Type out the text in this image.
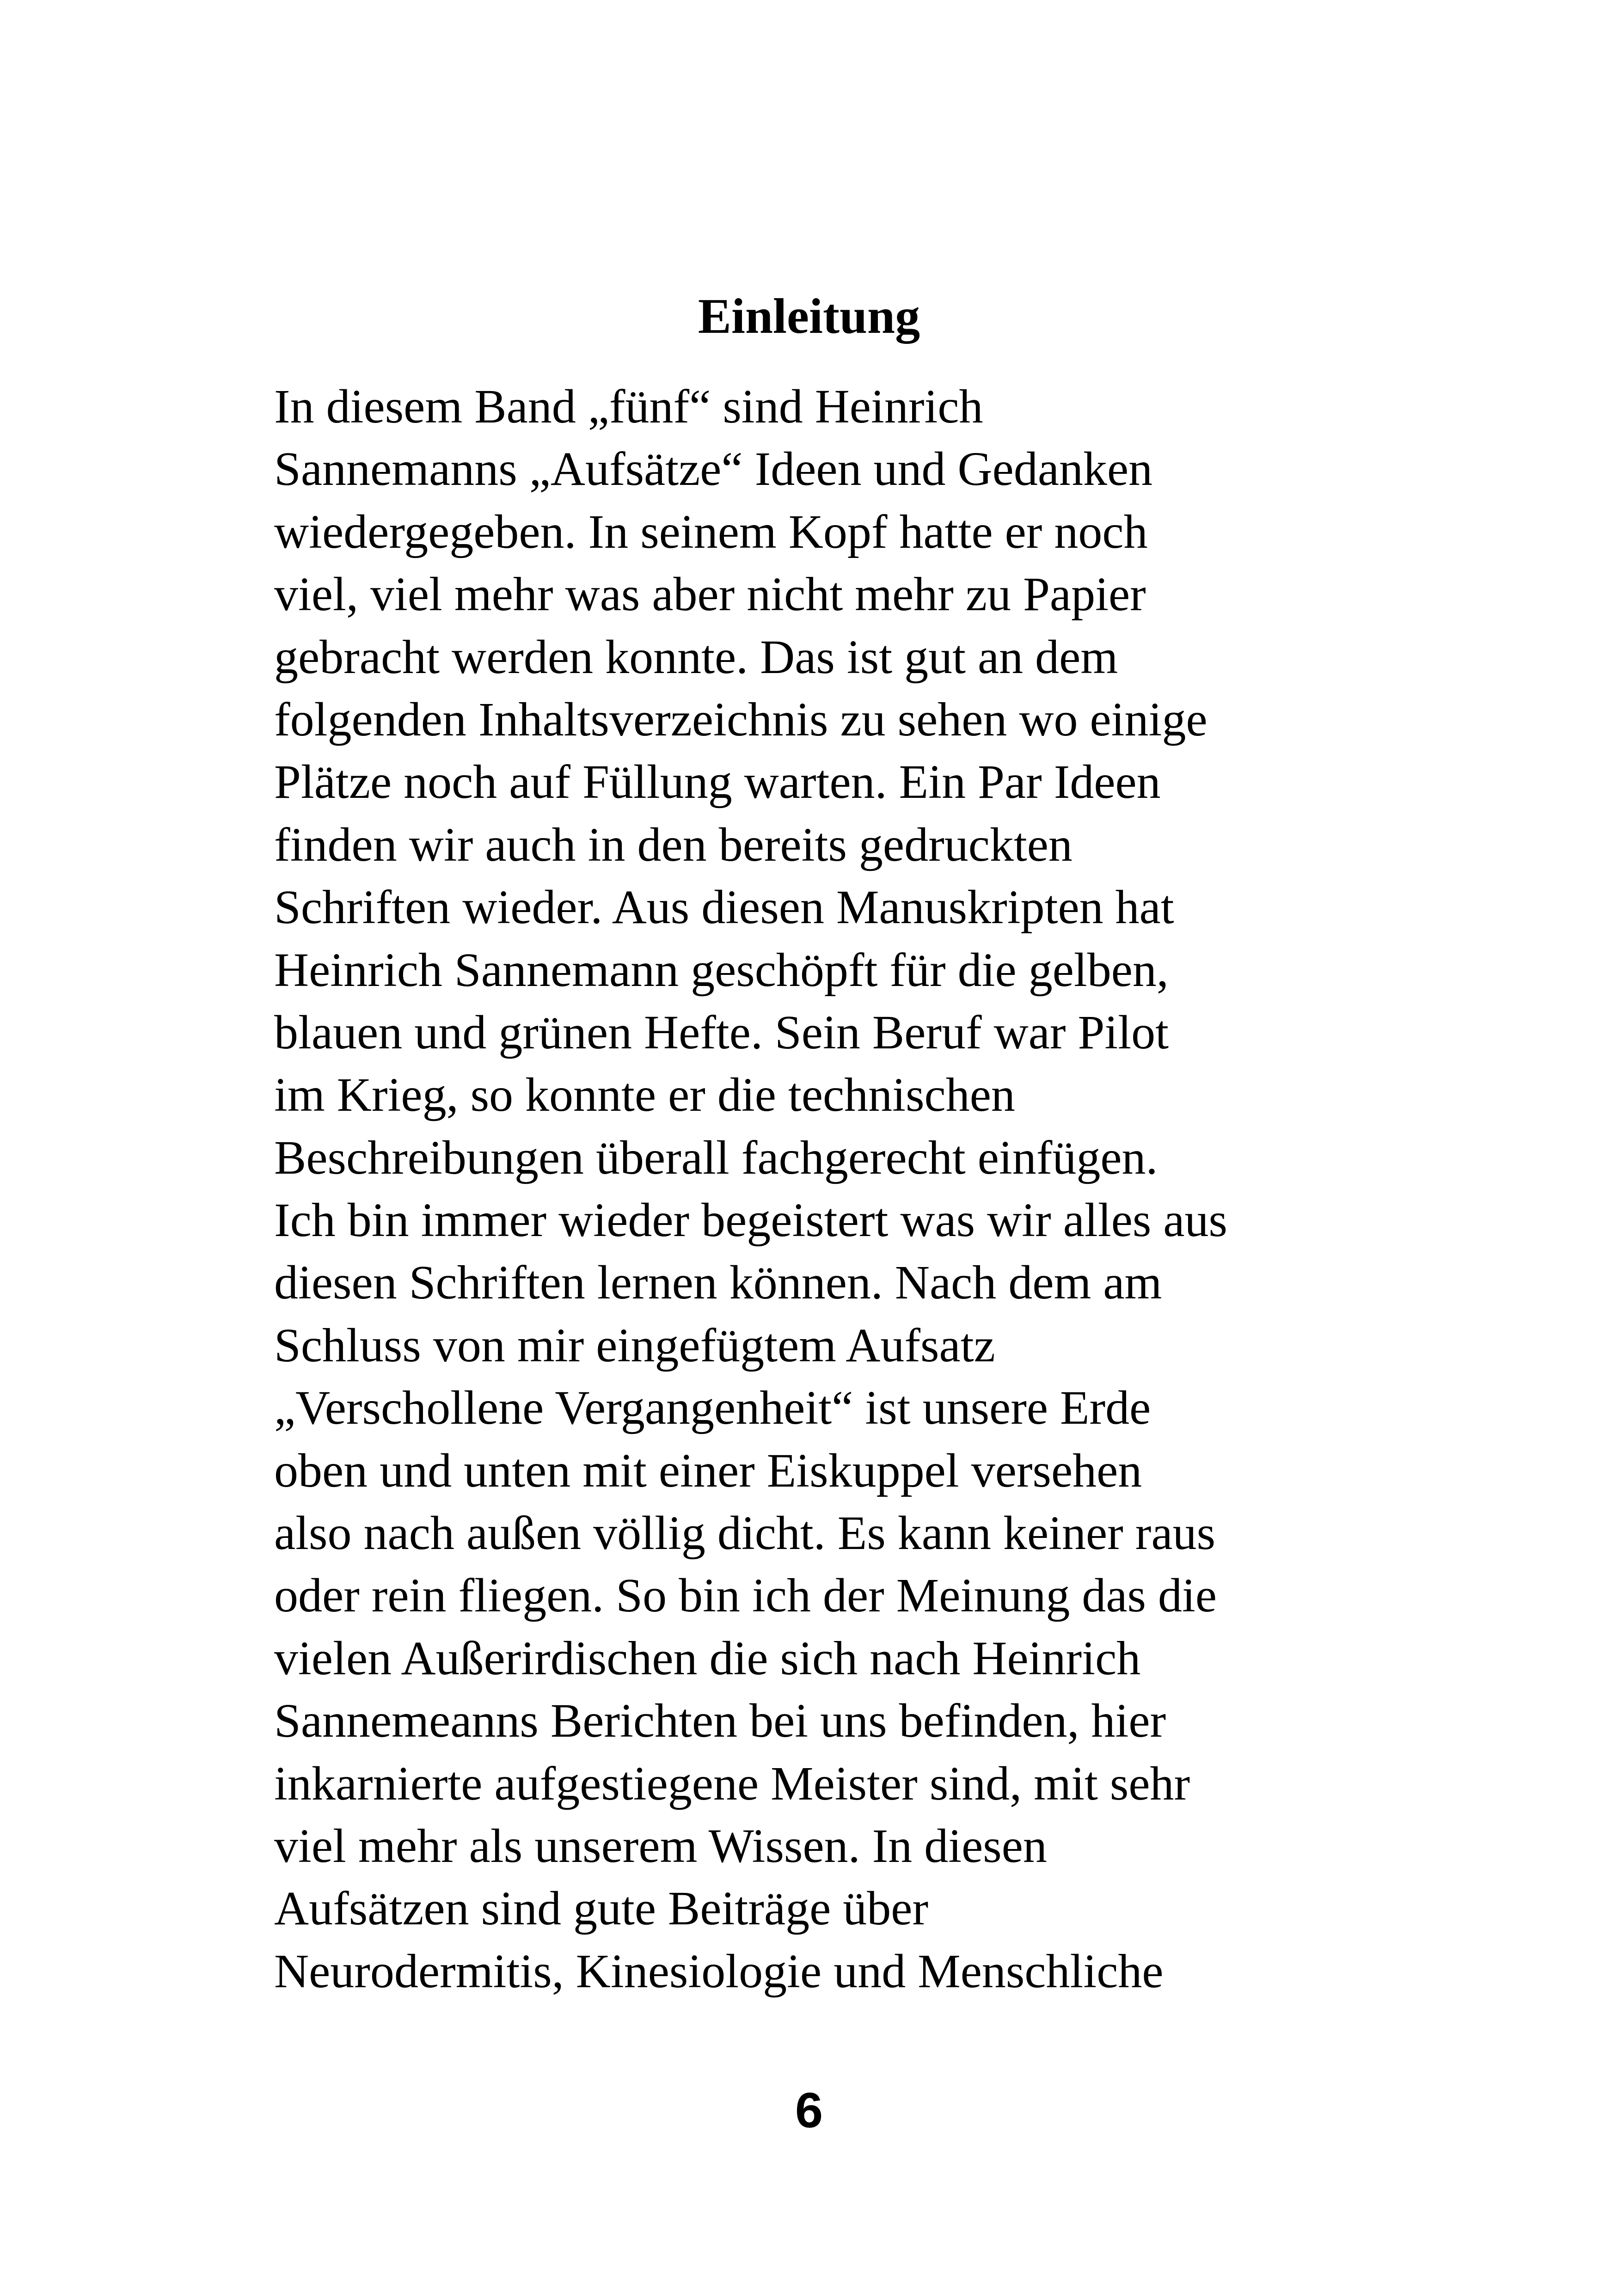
Einleitung
In diesem Band „fünf“ sind Heinrich
Sannemanns „Aufsätze“ Ideen und Gedanken
wiedergegeben. In seinem Kopf hatte er noch
viel, viel mehr was aber nicht mehr zu Papier
gebracht werden konnte. Das ist gut an dem
folgenden Inhaltsverzeichnis zu sehen wo einige
Plätze noch auf Füllung warten. Ein Par Ideen
finden wir auch in den bereits gedruckten
Schriften wieder. Aus diesen Manuskripten hat
Heinrich Sannemann geschöpft für die gelben,
blauen und grünen Hefte. Sein Beruf war Pilot
im Krieg, so konnte er die technischen
Beschreibungen überall fachgerecht einfügen.
Ich bin immer wieder begeistert was wir alles aus
diesen Schriften lernen können. Nach dem am
Schluss von mir eingefügtem Aufsatz
„Verschollene Vergangenheit“ ist unsere Erde
oben und unten mit einer Eiskuppel versehen
also nach außen völlig dicht. Es kann keiner raus
oder rein fliegen. So bin ich der Meinung das die
vielen Außerirdischen die sich nach Heinrich
Sannemeanns Berichten bei uns befinden, hier
inkarnierte aufgestiegene Meister sind, mit sehr
viel mehr als unserem Wissen. In diesen
Aufsätzen sind gute Beiträge über
Neurodermitis, Kinesiologie und Menschliche
6
